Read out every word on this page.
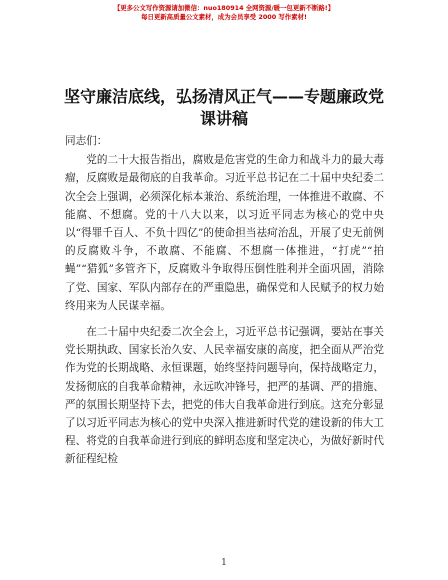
【更多公文写作资源请加微信：nuo180914 全网资源/暖一包更新不断路!】
每日更新高质量公文素材，成为会员享受 2000 写作素材!
坚守廉洁底线，弘扬清风正气——专题廉政党课讲稿

同志们：

党的二十大报告指出，腐败是危害党的生命力和战斗力的最大毒瘤，反腐败是最彻底的自我革命。习近平总书记在二十届中央纪委二次全会上强调，必须深化标本兼治、系统治理，一体推进不敢腐、不能腐、不想腐。党的十八大以来，以习近平同志为核心的党中央以“得罪千百人、不负十四亿”的使命担当祛疴治乱，开展了史无前例的反腐败斗争，不敢腐、不能腐、不想腐一体推进，“打虎”“拍蝇”“猎狐”多管齐下，反腐败斗争取得压倒性胜利并全面巩固，消除了党、国家、军队内部存在的严重隐患，确保党和人民赋予的权力始终用来为人民谋幸福。

在二十届中央纪委二次全会上，习近平总书记强调，要站在事关党长期执政、国家长治久安、人民幸福安康的高度，把全面从严治党作为党的长期战略、永恒课题，始终坚持问题导向，保持战略定力，发扬彻底的自我革命精神，永远吹冲锋号，把严的基调、严的措施、严的氛围长期坚持下去，把党的伟大自我革命进行到底。这充分彰显了以习近平同志为核心的党中央深入推进新时代党的建设新的伟大工程、将党的自我革命进行到底的鲜明态度和坚定决心，为做好新时代新征程纪检

1
